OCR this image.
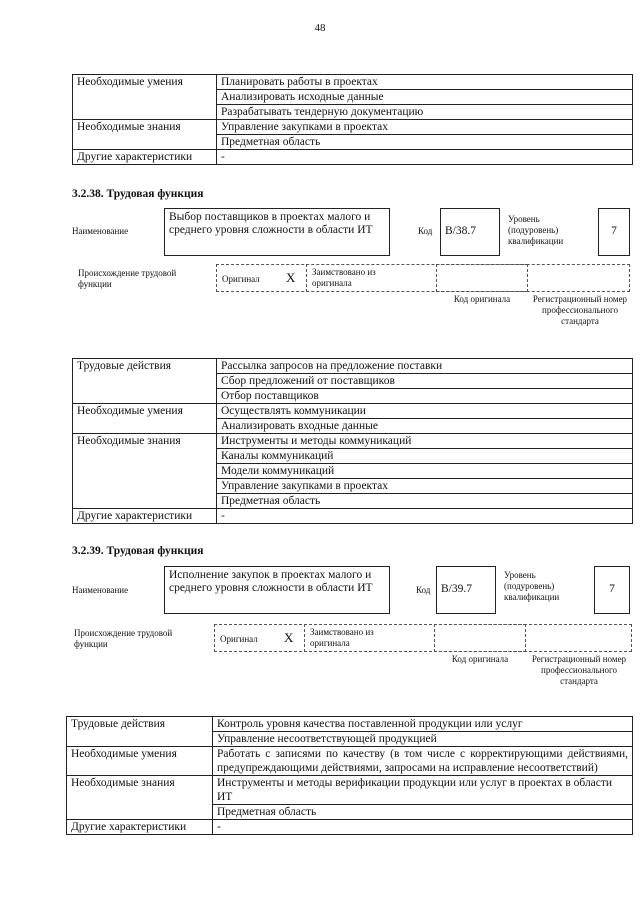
48
Необходимые умения	Планировать работы в проектах
	Анализировать исходные данные
	Разрабатывать тендерную документацию
Необходимые знания	Управление закупками в проектах
	Предметная область
Другие характеристики	-
3.2.38. Трудовая функция
Наименование
Выбор поставщиков в проектах малого и среднего уровня сложности в области ИТ	Код	B/38.7
Уровень (подуровень) квалификации
7
Происхождение трудовой функции	Оригинал X Заимствовано из оригинала
Код оригинала	Регистрационный номер профессионального стандарта
Трудовые действия	Рассылка запросов на предложение поставки
	Сбор предложений от поставщиков
	Отбор поставщиков
Необходимые умения	Осуществлять коммуникации
	Анализировать входные данные
Необходимые знания	Инструменты и методы коммуникаций
	Каналы коммуникаций
	Модели коммуникаций
	Управление закупками в проектах
	Предметная область
Другие характеристики	-
3.2.39. Трудовая функция
Наименование
Исполнение закупок в проектах малого и среднего уровня сложности в области ИТ	Код B/39.7
Уровень (подуровень) квалификации
7
Происхождение трудовой функции	Оригинал X Заимствовано из оригинала
Код оригинала	Регистрационный номер профессионального стандарта
Трудовые действия	Контроль уровня качества поставленной продукции или услуг
	Управление несоответствующей продукцией
Необходимые умения	Работать с записями по качеству (в том числе с корректирующими действиями, предупреждающими действиями, запросами на исправление несоответствий)
Необходимые знания	Инструменты и методы верификации продукции или услуг в проектах в области ИТ
	Предметная область
Другие характеристики	-
